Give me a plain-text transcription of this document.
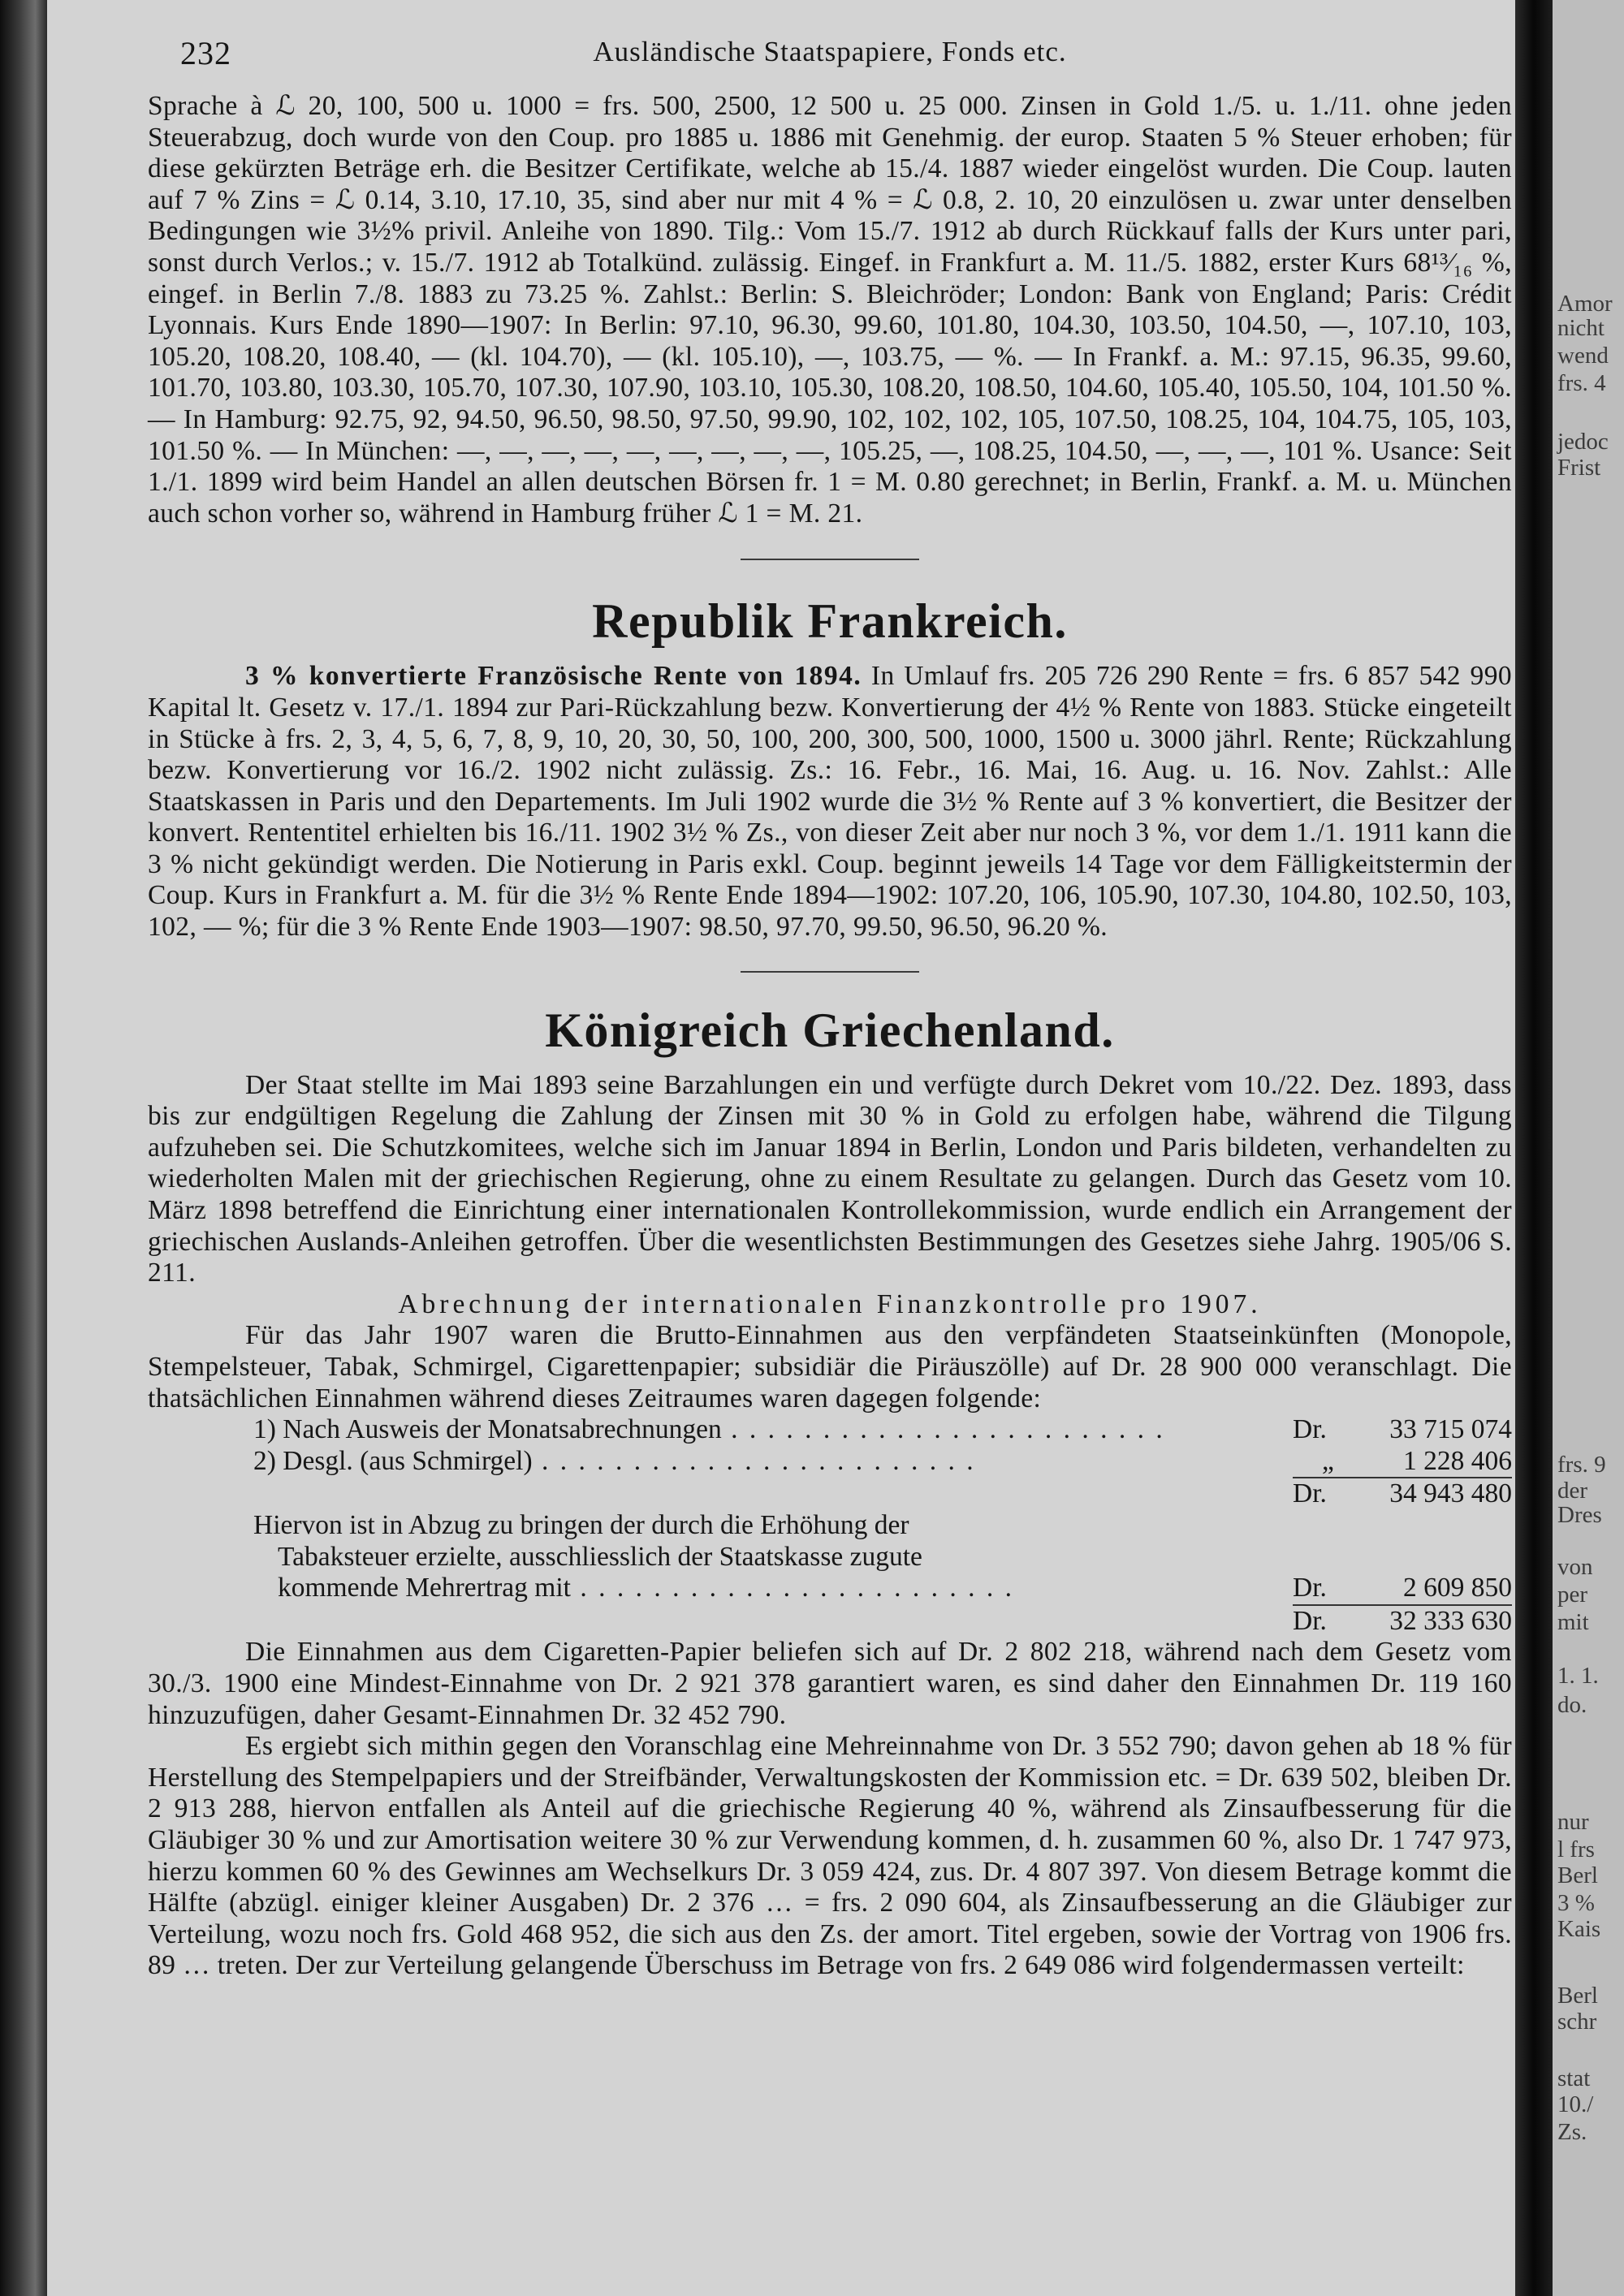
232	Ausländische Staatspapiere, Fonds etc.

Sprache à ℒ 20, 100, 500 u. 1000 = frs. 500, 2500, 12 500 u. 25 000. Zinsen in Gold 1./5. u. 1./11. ohne jeden Steuerabzug, doch wurde von den Coup. pro 1885 u. 1886 mit Genehmig. der europ. Staaten 5 % Steuer erhoben; für diese gekürzten Beträge erh. die Besitzer Certifikate, welche ab 15./4. 1887 wieder eingelöst wurden. Die Coup. lauten auf 7 % Zins = ℒ 0.14, 3.10, 17.10, 35, sind aber nur mit 4 % = ℒ 0.8, 2. 10, 20 einzulösen u. zwar unter denselben Bedingungen wie 3½% privil. Anleihe von 1890. Tilg.: Vom 15./7. 1912 ab durch Rückkauf falls der Kurs unter pari, sonst durch Verlos.; v. 15./7. 1912 ab Totalkünd. zulässig. Eingef. in Frankfurt a. M. 11./5. 1882, erster Kurs 68¹³⁄₁₆ %, eingef. in Berlin 7./8. 1883 zu 73.25 %. Zahlst.: Berlin: S. Bleichröder; London: Bank von England; Paris: Crédit Lyonnais. Kurs Ende 1890—1907: In Berlin: 97.10, 96.30, 99.60, 101.80, 104.30, 103.50, 104.50, —, 107.10, 103, 105.20, 108.20, 108.40, — (kl. 104.70), — (kl. 105.10), —, 103.75, — %. — In Frankf. a. M.: 97.15, 96.35, 99.60, 101.70, 103.80, 103.30, 105.70, 107.30, 107.90, 103.10, 105.30, 108.20, 108.50, 104.60, 105.40, 105.50, 104, 101.50 %. — In Hamburg: 92.75, 92, 94.50, 96.50, 98.50, 97.50, 99.90, 102, 102, 102, 105, 107.50, 108.25, 104, 104.75, 105, 103, 101.50 %. — In München: —, —, —, —, —, —, —, —, —, 105.25, —, 108.25, 104.50, —, —, —, 101 %. Usance: Seit 1./1. 1899 wird beim Handel an allen deutschen Börsen fr. 1 = M. 0.80 gerechnet; in Berlin, Frankf. a. M. u. München auch schon vorher so, während in Hamburg früher ℒ 1 = M. 21.

Republik Frankreich.

3 % konvertierte Französische Rente von 1894. In Umlauf frs. 205 726 290 Rente = frs. 6 857 542 990 Kapital lt. Gesetz v. 17./1. 1894 zur Pari-Rückzahlung bezw. Konvertierung der 4½ % Rente von 1883. Stücke eingeteilt in Stücke à frs. 2, 3, 4, 5, 6, 7, 8, 9, 10, 20, 30, 50, 100, 200, 300, 500, 1000, 1500 u. 3000 jährl. Rente; Rückzahlung bezw. Konvertierung vor 16./2. 1902 nicht zulässig. Zs.: 16. Febr., 16. Mai, 16. Aug. u. 16. Nov. Zahlst.: Alle Staatskassen in Paris und den Departements. Im Juli 1902 wurde die 3½ % Rente auf 3 % konvertiert, die Besitzer der konvert. Rententitel erhielten bis 16./11. 1902 3½ % Zs., von dieser Zeit aber nur noch 3 %, vor dem 1./1. 1911 kann die 3 % nicht gekündigt werden. Die Notierung in Paris exkl. Coup. beginnt jeweils 14 Tage vor dem Fälligkeitstermin der Coup. Kurs in Frankfurt a. M. für die 3½ % Rente Ende 1894—1902: 107.20, 106, 105.90, 107.30, 104.80, 102.50, 103, 102, — %; für die 3 % Rente Ende 1903—1907: 98.50, 97.70, 99.50, 96.50, 96.20 %.

Königreich Griechenland.

Der Staat stellte im Mai 1893 seine Barzahlungen ein und verfügte durch Dekret vom 10./22. Dez. 1893, dass bis zur endgültigen Regelung die Zahlung der Zinsen mit 30 % in Gold zu erfolgen habe, während die Tilgung aufzuheben sei. Die Schutzkomitees, welche sich im Januar 1894 in Berlin, London und Paris bildeten, verhandelten zu wiederholten Malen mit der griechischen Regierung, ohne zu einem Resultate zu gelangen. Durch das Gesetz vom 10. März 1898 betreffend die Einrichtung einer internationalen Kontrollekommission, wurde endlich ein Arrangement der griechischen Auslands-Anleihen getroffen. Über die wesentlichsten Bestimmungen des Gesetzes siehe Jahrg. 1905/06 S. 211.

Abrechnung der internationalen Finanzkontrolle pro 1907.

Für das Jahr 1907 waren die Brutto-Einnahmen aus den verpfändeten Staatseinkünften (Monopole, Stempelsteuer, Tabak, Schmirgel, Cigarettenpapier; subsidiär die Piräuszölle) auf Dr. 28 900 000 veranschlagt. Die thatsächlichen Einnahmen während dieses Zeitraumes waren dagegen folgende:

1) Nach Ausweis der Monatsabrechnungen . . .	Dr. 33 715 074
2) Desgl. (aus Schmirgel) . . .	„	1 228 406
Dr. 34 943 480
Hiervon ist in Abzug zu bringen der durch die Erhöhung der
Tabaksteuer erzielte, ausschliesslich der Staatskasse zugute
kommende Mehrertrag mit . . .	Dr.	2 609 850
Dr. 32 333 630

Die Einnahmen aus dem Cigaretten-Papier beliefen sich auf Dr. 2 802 218, während nach dem Gesetz vom 30./3. 1900 eine Mindest-Einnahme von Dr. 2 921 378 garantiert waren, es sind daher den Einnahmen Dr. 119 160 hinzuzufügen, daher Gesamt-Einnahmen Dr. 32 452 790.

Es ergiebt sich mithin gegen den Voranschlag eine Mehreinnahme von Dr. 3 552 790; davon gehen ab 18 % für Herstellung des Stempelpapiers und der Streifbänder, Verwaltungskosten der Kommission etc. = Dr. 639 502, bleiben Dr. 2 913 288, hiervon entfallen als Anteil auf die griechische Regierung 40 %, während als Zinsaufbesserung für die Gläubiger 30 % und zur Amortisation weitere 30 % zur Verwendung kommen, d. h. zusammen 60 %, also Dr. 1 747 973, hierzu kommen 60 % des Gewinnes am Wechselkurs Dr. 3 059 424, zus. Dr. 4 807 397. Von diesem Betrage kommt die Hälfte (abzügl. einiger kleiner Ausgaben) Dr. 2 376 … = frs. 2 090 604, als Zinsaufbesserung an die Gläubiger zur Verteilung, wozu noch frs. Gold 468 952, die sich aus den Zs. der amort. Titel ergeben, sowie der Vortrag von 1906 frs. 89 … treten. Der zur Verteilung gelangende Überschuss im Betrage von frs. 2 649 086 wird folgendermassen verteilt:

Amor
nicht
wend
frs. 4
jedoc
Frist
frs. 9
der
Dres
von
per
mit
1. 1.
do.
nur
l frs
Berl
3 %
Kais
Berl
schr
stat
10./
Zs.
